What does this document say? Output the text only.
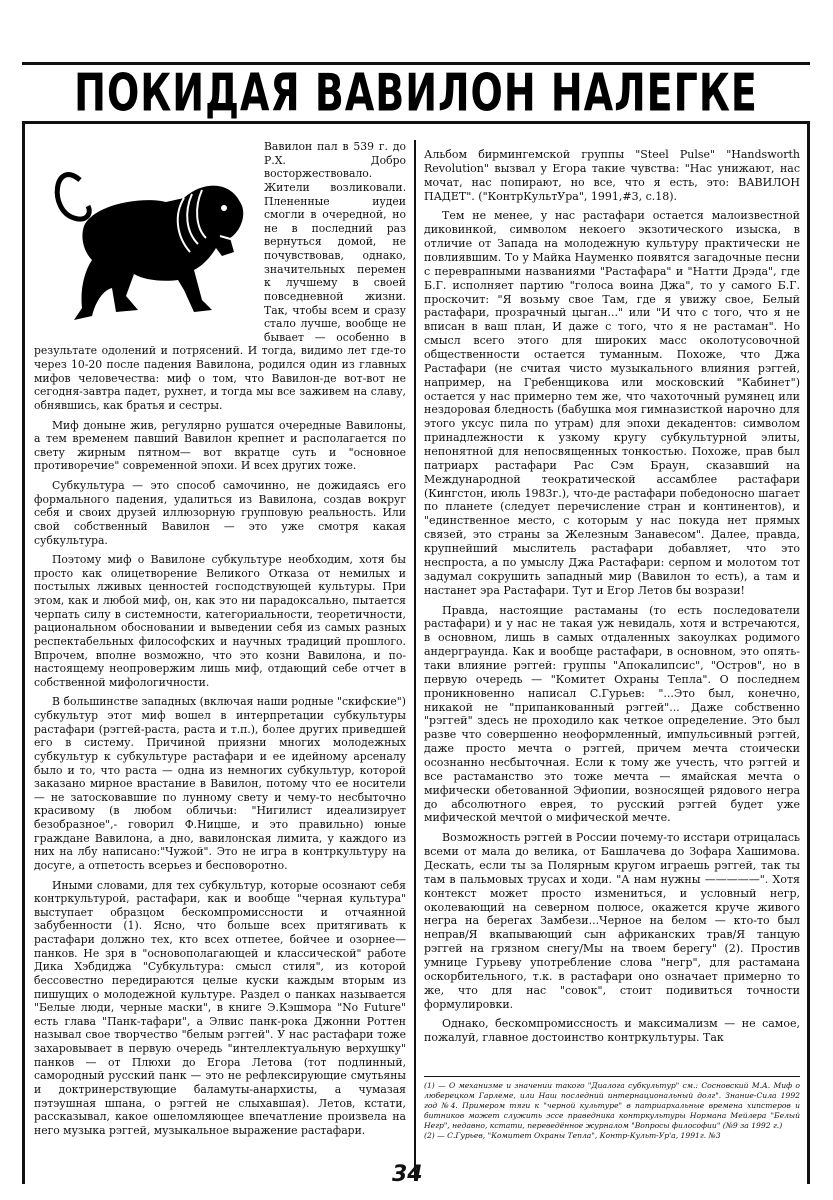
ПОКИДАЯ ВАВИЛОН НАЛЕГКЕ

Вавилон пал в 539 г. до Р.Х. Добро восторжествовало. Жители возликовали. Плененные иудеи смогли в очередной, но не в последний раз вернуться домой, не почувствовав, однако, значительных перемен к лучшему в своей повседневной жизни. Так, чтобы всем и сразу стало лучше, вообще не бывает — особенно в результате одолений и потрясений. И тогда, видимо лет где-то через 10-20 после падения Вавилона, родился один из главных мифов человечества: миф о том, что Вавилон-де вот-вот не сегодня-завтра падет, рухнет, и тогда мы все заживем на славу, обнявшись, как братья и сестры.

Миф доныне жив, регулярно рушатся очередные Вавилоны, а тем временем павший Вавилон крепнет и располагается по свету жирным пятном— вот вкратце суть и "основное противоречие" современной эпохи. И всех других тоже.

Субкультура — это способ самочинно, не дожидаясь его формального падения, удалиться из Вавилона, создав вокруг себя и своих друзей иллюзорную групповую реальность. Или свой собственный Вавилон — это уже смотря какая субкультура.

Поэтому миф о Вавилоне субкультуре необходим, хотя бы просто как олицетворение Великого Отказа от немилых и постылых лживых ценностей господствующей культуры. При этом, как и любой миф, он, как это ни парадоксально, пытается черпать силу в системности, категориальности, теоретичности, рациональном обосновании и выведении себя из самых разных респектабельных философских и научных традиций прошлого. Впрочем, вполне возможно, что это козни Вавилона, и по-настоящему неопровержим лишь миф, отдающий себе отчет в собственной мифологичности.

В большинстве западных (включая наши родные "скифские") субкультур этот миф вошел в интерпретации субкультуры растафари (рэггей-раста, раста и т.п.), более других приведшей его в систему. Причиной приязни многих молодежных субкультур к субкультуре растафари и ее идейному арсеналу было и то, что раста — одна из немногих субкультур, которой заказано мирное врастание в Вавилон, потому что ее носители — не затосковавшие по лунному свету и чему-то несбыточно красивому (в любом обличьи: "Нигилист идеализирует безобразное",- говорил Ф.Ницше, и это правильно) юные граждане Вавилона, а дно, вавилонская лимита, у каждого из них на лбу написано:"Чужой". Это не игра в контркультуру на досуге, а отпетость всерьез и бесповоротно.

Иными словами, для тех субкультур, которые осознают себя контркультурой, растафари, как и вообще "черная культура" выступает образцом бескомпромиссности и отчаянной забубенности (1). Ясно, что больше всех притягивать к растафари должно тех, кто всех отпетее, бойчее и озорнее— панков. Не зря в "основополагающей и классической" работе Дика Хэбдиджа "Субкультура: смысл стиля", из которой бессовестно передираются целые куски каждым вторым из пишущих о молодежной культуре. Раздел о панках называется "Белые люди, черные маски", в книге Э.Кэшмора "No Future" есть глава "Панк-тафари", а Элвис панк-рока Джонни Роттен называл свое творчество "белым рэггей". У нас растафари тоже захаровывает в первую очередь "интеллектуальную верхушку" панков — от Плюхи до Егора Летова (тот подлинный, самородный русский панк — это не рефлексирующие смутьяны и доктринерствующие баламуты-анархисты, а чумазая пэтэушная шпана, о рэггей не слыхавшая). Летов, кстати, рассказывал, какое ошеломляющее впечатление произвела на него музыка рэггей, музыкальное выражение растафари.

Альбом бирмингемской группы "Steel Pulse" "Handsworth Revolution" вызвал у Егора такие чувства: "Нас унижают, нас мочат, нас попирают, но все, что я есть, это: ВАВИЛОН ПАДЕТ". ("КонтрКультУра", 1991,#3, с.18).

Тем не менее, у нас растафари остается малоизвестной диковинкой, символом некоего экзотического изыска, в отличие от Запада на молодежную культуру практически не повлиявшим. То у Майка Науменко появятся загадочные песни с переврапными названиями "Растафара" и "Натти Дрэда", где Б.Г. исполняет партию "голоса воина Джа", то у самого Б.Г. проскочит: "Я возьму свое Там, где я увижу свое, Белый растафари, прозрачный цыган..." или "И что с того, что я не вписан в ваш план, И даже с того, что я не растаман". Но смысл всего этого для широких масс околотусовочной общественности остается туманным. Похоже, что Джа Растафари (не считая чисто музыкального влияния рэггей, например, на Гребенщикова или московский "Кабинет") остается у нас примерно тем же, что чахоточный румянец или нездоровая бледность (бабушка моя гимназисткой нарочно для этого уксус пила по утрам) для эпохи декадентов: символом принадлежности к узкому кругу субкультурной элиты, непонятной для непосвященных тонкостью. Похоже, прав был патриарх растафари Рас Сэм Браун, сказавший на Международной теократической ассамблее растафари (Кингстон, июль 1983г.), что-де растафари победоносно шагает по планете (следует перечисление стран и континентов), и "единственное место, с которым у нас покуда нет прямых связей, это страны за Железным Занавесом". Далее, правда, крупнейший мыслитель растафари добавляет, что это неспроста, а по умыслу Джа Растафари: серпом и молотом тот задумал сокрушить западный мир (Вавилон то есть), а там и настанет эра Растафари. Тут и Егор Летов бы возрази!

Правда, настоящие растаманы (то есть последователи растафари) и у нас не такая уж невидаль, хотя и встречаются, в основном, лишь в самых отдаленных закоулках родимого андерграунда. Как и вообще растафари, в основном, это опять-таки влияние рэггей: группы "Апокалипсис", "Остров", но в первую очередь — "Комитет Охраны Тепла". О последнем проникновенно написал С.Гурьев: "...Это был, конечно, никакой не "припанкованный рэггей"... Даже собственно "рэггей" здесь не проходило как четкое определение. Это был разве что совершенно неоформленный, импульсивный рэггей, даже просто мечта о рэггей, причем мечта стоически осознанно несбыточная. Если к тому же учесть, что рэггей и все растаманство это тоже мечта — ямайская мечта о мифически обетованной Эфиопии, возносящей рядового негра до абсолютного еврея, то русский рэггей будет уже мифической мечтой о мифической мечте.

Возможность рэггей в России почему-то исстари отрицалась всеми от мала до велика, от Башлачева до Зофара Хашимова. Дескать, если ты за Полярным кругом играешь рэггей, так ты там в пальмовых трусах и ходи. "А нам нужны —————". Хотя контекст может просто измениться, и условный негр, околевающий на северном полюсе, окажется круче живого негра на берегах Замбези...Черное на белом — кто-то был неправ/Я вкапывающий сын африканских трав/Я танцую рэггей на грязном снегу/Мы на твоем берегу" (2). Простив умнице Гурьеву употребление слова "негр", для растамана оскорбительного, т.к. в растафари оно означает примерно то же, что для нас "совок", стоит подивиться точности формулировки.

Однако, бескомпромиссность и максимализм — не самое, пожалуй, главное достоинство контркультуры. Так

(1) — О механизме и значении такого "Диалога субкультур" см.: Сосновский М.А. Миф о люберецком Гарлеме, или Наш последний интернациональный долг". Знание-Сила 1992 год №4. Примером тяги к "черной культуре" в патриархальные времена хипстеров и битников может служить эссе праведника контркультуры Нормана Мейлера "Белый Негр", недавно, кстати, переведённое журналом "Вопросы философии" (№9 за 1992 г.)
(2) — С.Гурьев, "Комитет Охраны Тепла", Контр-Культ-Ур'а, 1991г. №3
34
